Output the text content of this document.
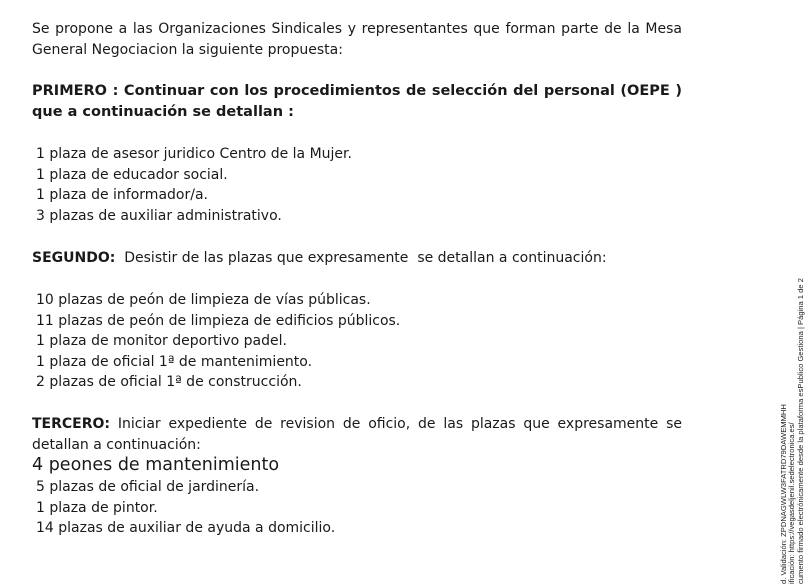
Se propone a las Organizaciones Sindicales y representantes que forman parte de la Mesa General Negociacion la siguiente propuesta:

PRIMERO : Continuar con los procedimientos de selección del personal (OEPE ) que a continuación se detallan :

1 plaza de asesor juridico Centro de la Mujer.
1 plaza de educador social.
1 plaza de informador/a.
3 plazas de auxiliar administrativo.

SEGUNDO:  Desistir de las plazas que expresamente  se detallan a continuación:

10 plazas de peón de limpieza de vías públicas.
11 plazas de peón de limpieza de edificios públicos.
1 plaza de monitor deportivo padel.
1 plaza de oficial 1ª de mantenimiento.
2 plazas de oficial 1ª de construcción.

TERCERO: Iniciar expediente de revision de oficio, de las plazas que expresamente se detallan a continuación:

4 peones de mantenimiento

5 plazas de oficial de jardinería.
1 plaza de pintor.
14 plazas de auxiliar de ayuda a domicilio.	d. Validación: ZPDNAGWLW3FATRD79DAWEMMHH ificación: https://vegasdeljenil.sedelectronica.es/ cumento firmado electrónicamente desde la plataforma esPublico Gestiona | Página 1 de 2
